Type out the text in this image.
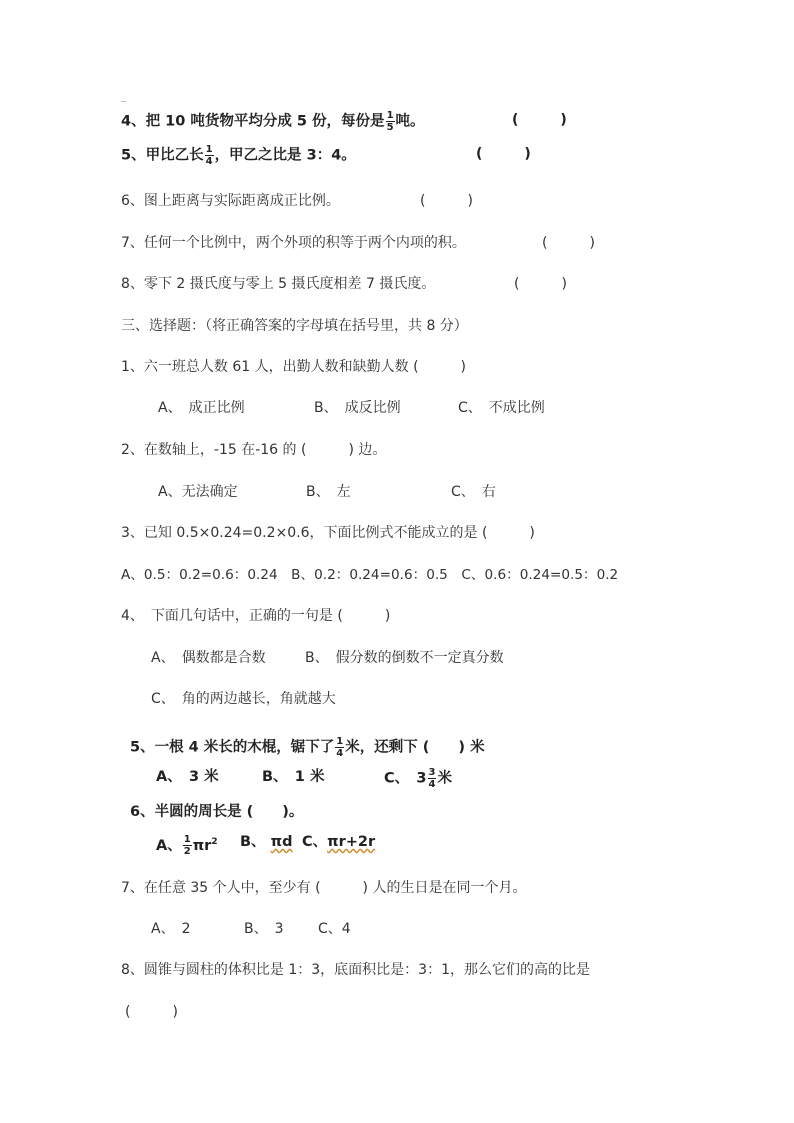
4、把 10 吨货物平均分成 5 份，每份是 $\frac{1}{5}$ 吨。	(　　　)
5、甲比乙长 $\frac{1}{4}$ ，甲乙之比是 3：4。	(　　　)
6、图上距离与实际距离成正比例。	(　　　)
7、任何一个比例中，两个外项的积等于两个内项的积。	(　　　)
8、零下 2 摄氏度与零上 5 摄氏度相差 7 摄氏度。	(　　　)
三、选择题：（将正确答案的字母填在括号里，共 8 分）
1、六一班总人数 61 人，出勤人数和缺勤人数 (　　　)
A、　成正比例	B、　成反比例	C、　不成比例
2、在数轴上，-15 在-16 的 (　　　) 边。
A、无法确定	B、　左	C、　右
3、已知 0.5×0.24=0.2×0.6，下面比例式不能成立的是 (　　　)
A、0.5：0.2=0.6：0.24　B、0.2：0.24=0.6：0.5　C、0.6：0.24=0.5：0.2
4、　下面几句话中，正确的一句是 (　　　)
A、　偶数都是合数	B、　假分数的倒数不一定真分数
C、　角的两边越长，角就越大
5、一根 4 米长的木棍，锯下了 $\frac{1}{4}$ 米，还剩下 (　　) 米
A、　3 米	B、　1 米	C、　$3 \frac{3}{4}$ 米
6、半圆的周长是 (　　)。
A、 $\frac{1}{2} \pi r^2$ B、 πd C、πr+2r
7、在任意 35 个人中，至少有 (　　　) 人的生日是在同一个月。
A、　2	B、　3 C、4
8、圆锥与圆柱的体积比是 1：3，底面积比是：3：1，那么它们的高的比是
(　　　)
